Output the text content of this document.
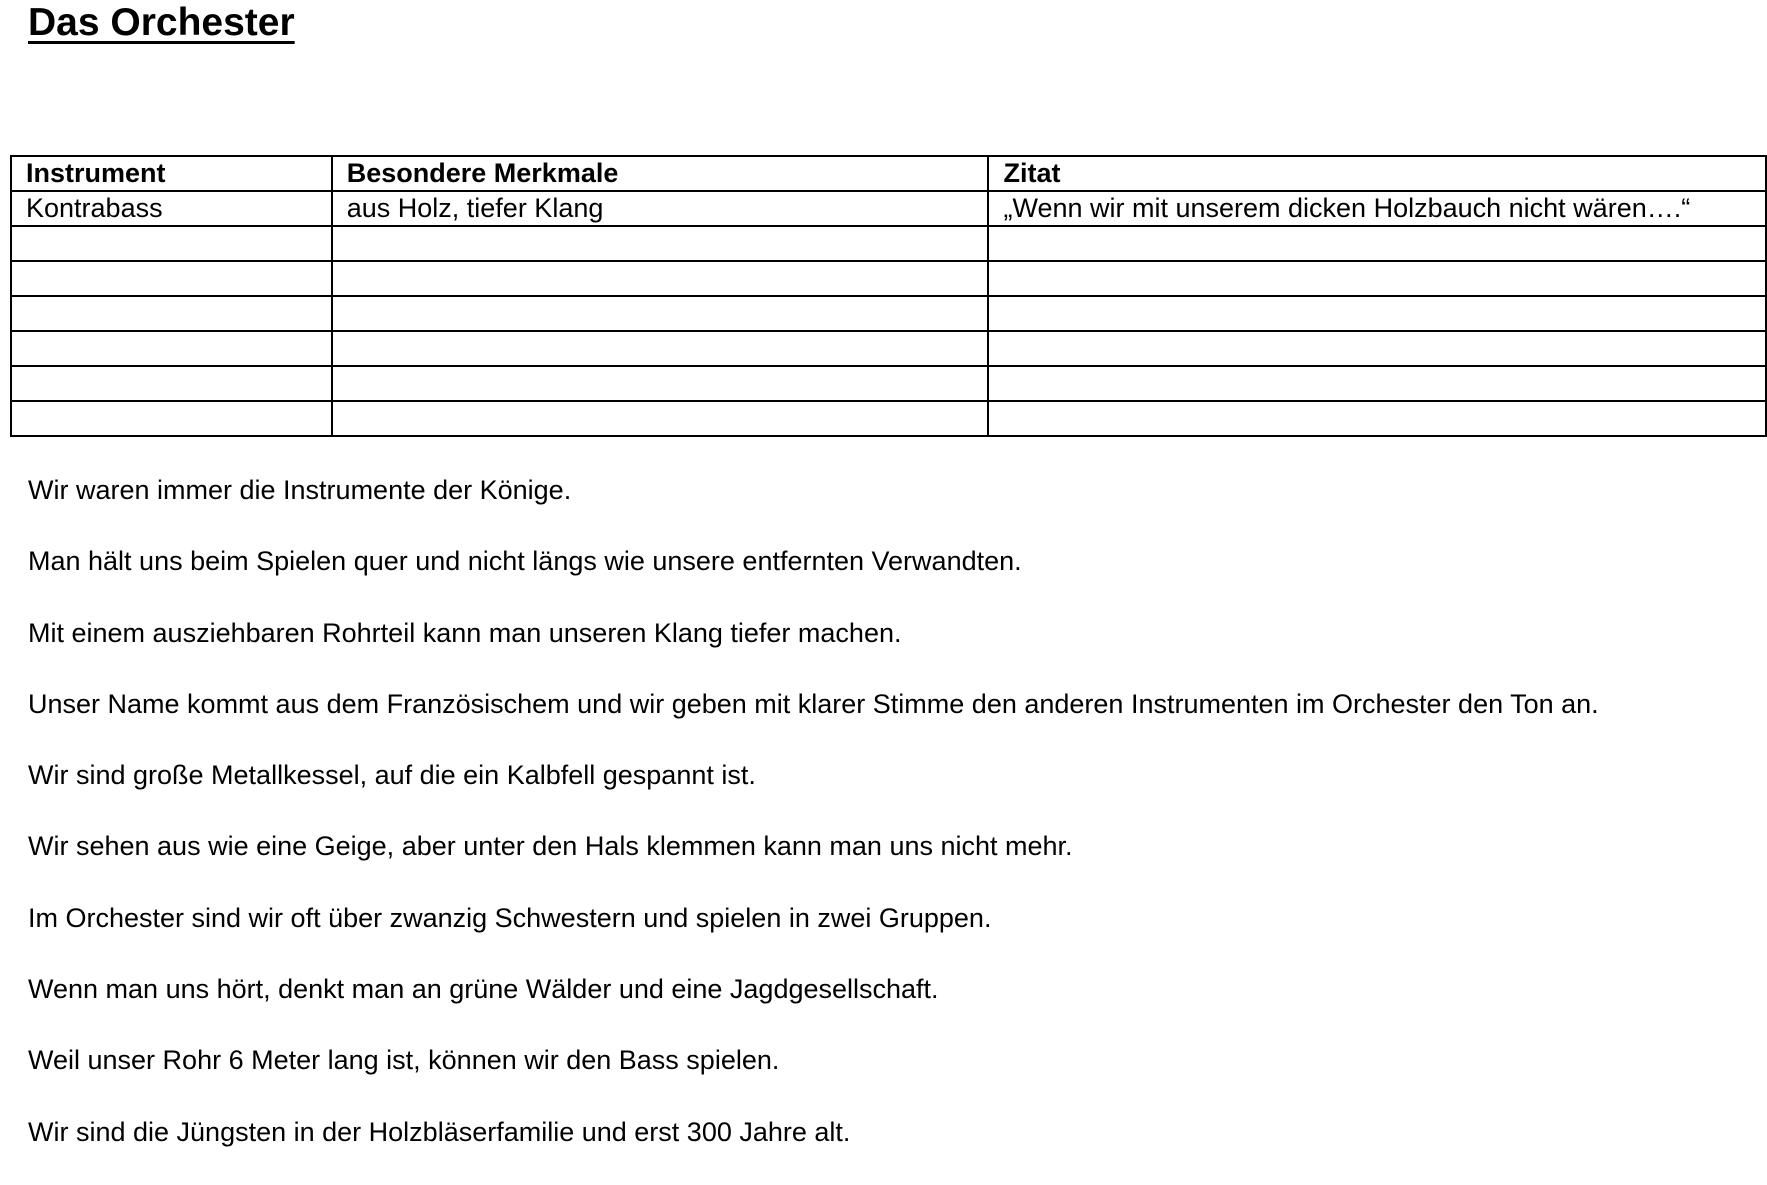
Das Orchester
Instrument	Besondere Merkmale	Zitat
Kontrabass	aus Holz, tiefer Klang	„Wenn wir mit unserem dicken Holzbauch nicht wären….“

Wir waren immer die Instrumente der Könige.
Man hält uns beim Spielen quer und nicht längs wie unsere entfernten Verwandten.
Mit einem ausziehbaren Rohrteil kann man unseren Klang tiefer machen.
Unser Name kommt aus dem Französischem und wir geben mit klarer Stimme den anderen Instrumenten im Orchester den Ton an.
Wir sind große Metallkessel, auf die ein Kalbfell gespannt ist.
Wir sehen aus wie eine Geige, aber unter den Hals klemmen kann man uns nicht mehr.
Im Orchester sind wir oft über zwanzig Schwestern und spielen in zwei Gruppen.
Wenn man uns hört, denkt man an grüne Wälder und eine Jagdgesellschaft.
Weil unser Rohr 6 Meter lang ist, können wir den Bass spielen.
Wir sind die Jüngsten in der Holzbläserfamilie und erst 300 Jahre alt.
